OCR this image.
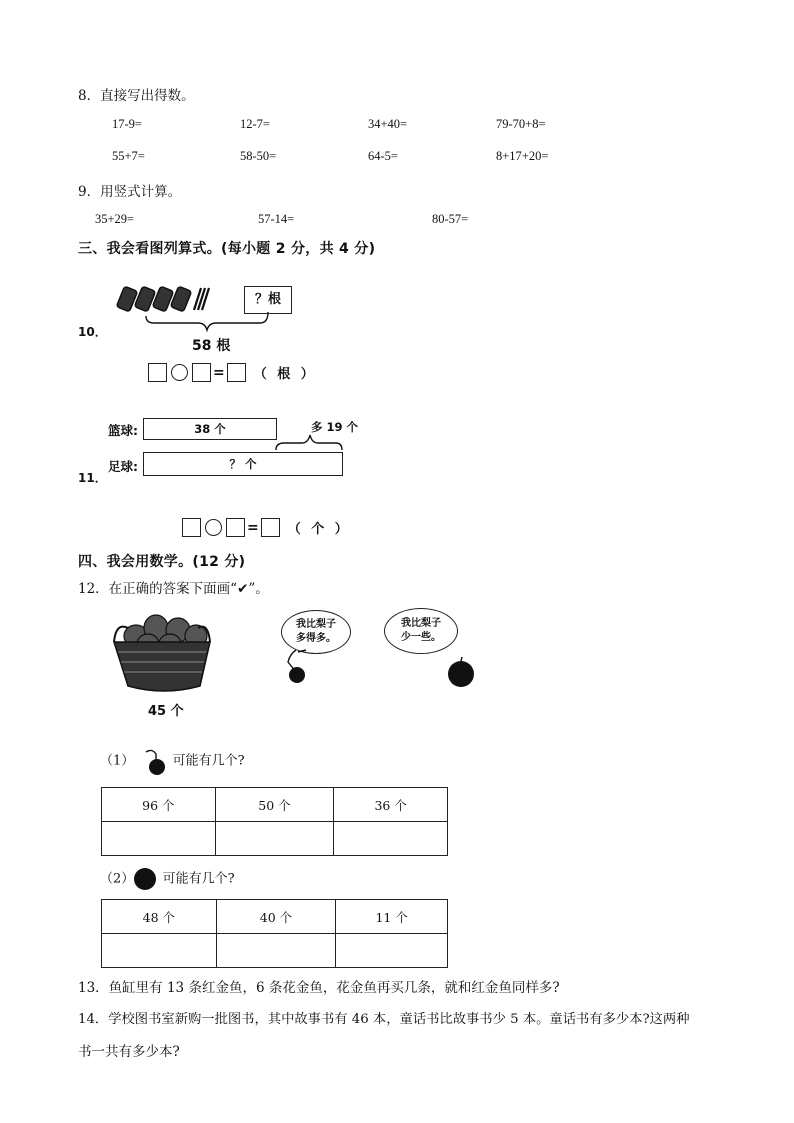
8．直接写出得数。
17-9=	12-7=	34+40=	79-70+8=
55+7=	58-50=	64-5=	8+17+20=
9．用竖式计算。
35+29=	57-14=	80-57=
三、我会看图列算式。(每小题 2 分，共 4 分)
10．
？根
58 根
= （ 根 ）
篮球:	38 个	多 19 个
足球:	？ 个
11．
= （ 个 ）
四、我会用数学。(12 分)
12．在正确的答案下面画“✔”。
45 个
我比梨子
多得多。
我比梨子
少一些。
（1）	可能有几个?
96 个	50 个	36 个

（2） 可能有几个?
48 个	40 个	11 个

13．鱼缸里有 13 条红金鱼，6 条花金鱼，花金鱼再买几条，就和红金鱼同样多?
14．学校图书室新购一批图书，其中故事书有 46 本，童话书比故事书少 5 本。童话书有多少本?这两种
书一共有多少本?
